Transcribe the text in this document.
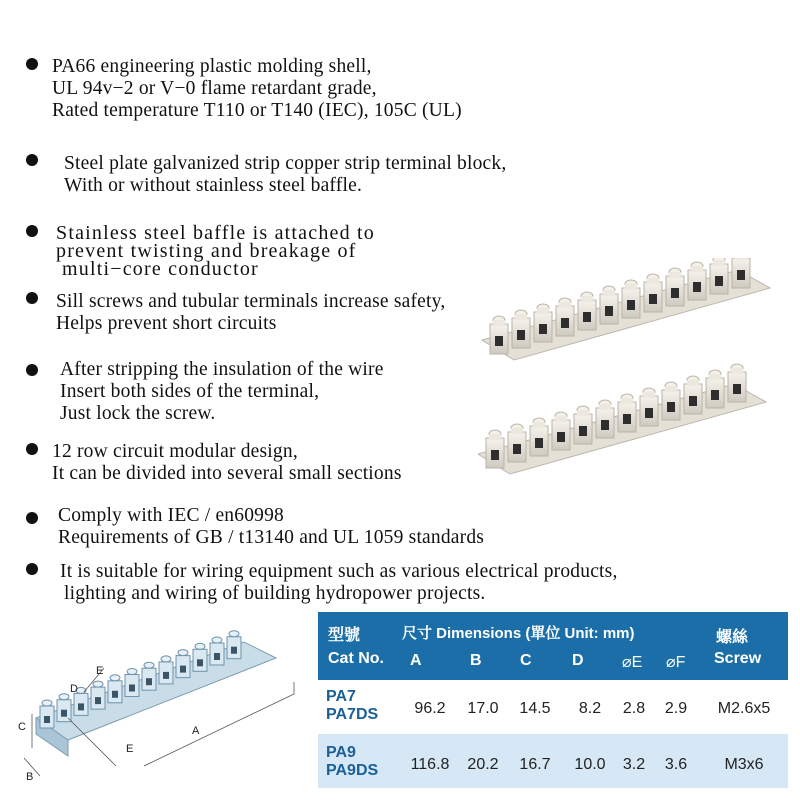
PA66 engineering plastic molding shell,
UL 94v−2 or V−0 flame retardant grade,
Rated temperature T110 or T140 (IEC), 105C (UL)
Steel plate galvanized strip copper strip terminal block,
With or without stainless steel baffle.
Stainless steel baffle is attached to
prevent twisting and breakage of
multi−core conductor
Sill screws and tubular terminals increase safety,
Helps prevent short circuits
After stripping the insulation of the wire
Insert both sides of the terminal,
Just lock the screw.
12 row circuit modular design,
It can be divided into several small sections
Comply with IEC / en60998
Requirements of GB / t13140 and UL 1059 standards
It is suitable for wiring equipment such as various electrical products,
lighting and wiring of building hydropower projects.
C
B
D
E
E
A
型號
Cat No.
尺寸 Dimensions (單位 Unit: mm)
A	B C	D ⌀E ⌀F
螺絲
Screw
PA7
PA7DS	96.2	17.0	14.5	8.2	2.8	2.9	M2.6x5
PA9
PA9DS	116.8	20.2	16.7	10.0	3.2	3.6	M3x6
